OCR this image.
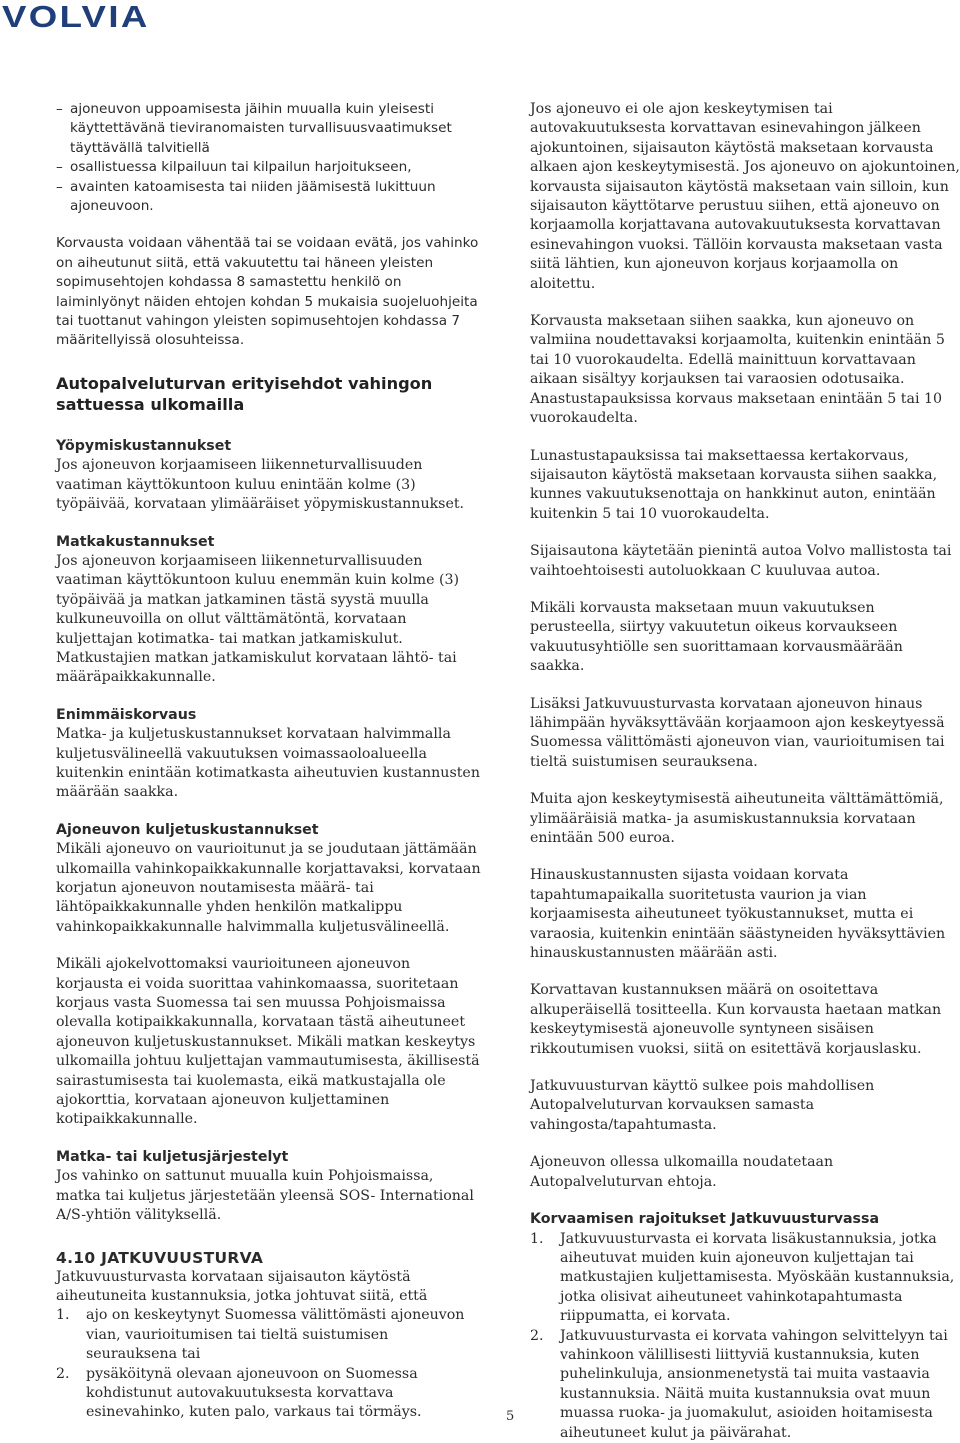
VOLVIA
– ajoneuvon uppoamisesta jäihin muualla kuin yleisesti käyttettävänä tieviranomaisten turvallisuusvaatimukset täyttävällä talvitiellä
– osallistuessa kilpailuun tai kilpailun harjoitukseen,
– avainten katoamisesta tai niiden jäämisestä lukittuun ajoneuvoon.

Korvausta voidaan vähentää tai se voidaan evätä, jos vahinko on aiheutunut siitä, että vakuutettu tai häneen yleisten sopimusehtojen kohdassa 8 samastettu henkilö on laiminlyönyt näiden ehtojen kohdan 5 mukaisia suojeluohjeita tai tuottanut vahingon yleisten sopimusehtojen kohdassa 7 määritellyissä olosuhteissa.

Autopalveluturvan erityisehdot vahingon sattuessa ulkomailla
Yöpymiskustannukset

Jos ajoneuvon korjaamiseen liikenneturvallisuuden vaatiman käyttökuntoon kuluu enintään kolme (3) työpäivää, korvataan ylimääräiset yöpymiskustannukset.

Matkakustannukset

Jos ajoneuvon korjaamiseen liikenneturvallisuuden vaatiman käyttökuntoon kuluu enemmän kuin kolme (3) työpäivää ja matkan jatkaminen tästä syystä muulla kulkuneuvoilla on ollut välttämätöntä, korvataan kuljettajan kotimatka- tai matkan jatkamiskulut. Matkustajien matkan jatkamiskulut korvataan lähtö- tai määräpaikkakunnalle.

Enimmäiskorvaus

Matka- ja kuljetuskustannukset korvataan halvimmalla kuljetusvälineellä vakuutuksen voimassaoloalueella kuitenkin enintään kotimatkasta aiheutuvien kustannusten määrään saakka.

Ajoneuvon kuljetuskustannukset

Mikäli ajoneuvo on vaurioitunut ja se joudutaan jättämään ulkomailla vahinkopaikkakunnalle korjattavaksi, korvataan korjatun ajoneuvon noutamisesta määrä- tai lähtöpaikkakunnalle yhden henkilön matkalippu vahinkopaikkakunnalle halvimmalla kuljetusvälineellä.

Mikäli ajokelvottomaksi vaurioituneen ajoneuvon korjausta ei voida suorittaa vahinkomaassa, suoritetaan korjaus vasta Suomessa tai sen muussa Pohjoismaissa olevalla kotipaikkakunnalla, korvataan tästä aiheutuneet ajoneuvon kuljetuskustannukset. Mikäli matkan keskeytys ulkomailla johtuu kuljettajan vammautumisesta, äkillisestä sairastumisesta tai kuolemasta, eikä matkustajalla ole ajokorttia, korvataan ajoneuvon kuljettaminen kotipaikkakunnalle.

Matka- tai kuljetusjärjestelyt

Jos vahinko on sattunut muualla kuin Pohjoismaissa, matka tai kuljetus järjestetään yleensä SOS- International A/S-yhtiön välityksellä.

4.10 JATKUVUUSTURVA

Jatkuvuusturvasta korvataan sijaisauton käytöstä aiheutuneita kustannuksia, jotka johtuvat siitä, että

1. ajo on keskeytynyt Suomessa välittömästi ajoneuvon vian, vaurioitumisen tai tieltä suistumisen seurauksena tai
2. pysäköitynä olevaan ajoneuvoon on Suomessa kohdistunut autovakuutuksesta korvattava esinevahinko, kuten palo, varkaus tai törmäys.

Jos ajoneuvo ei ole ajon keskeytymisen tai autovakuutuksesta korvattavan esinevahingon jälkeen ajokuntoinen, sijaisauton käytöstä maksetaan korvausta alkaen ajon keskeytymisestä. Jos ajoneuvo on ajokuntoinen, korvausta sijaisauton käytöstä maksetaan vain silloin, kun sijaisauton käyttötarve perustuu siihen, että ajoneuvo on korjaamolla korjattavana autovakuutuksesta korvattavan esinevahingon vuoksi. Tällöin korvausta maksetaan vasta siitä lähtien, kun ajoneuvon korjaus korjaamolla on aloitettu.

Korvausta maksetaan siihen saakka, kun ajoneuvo on valmiina noudettavaksi korjaamolta, kuitenkin enintään 5 tai 10 vuorokaudelta. Edellä mainittuun korvattavaan aikaan sisältyy korjauksen tai varaosien odotusaika. Anastustapauksissa korvaus maksetaan enintään 5 tai 10 vuorokaudelta.

Lunastustapauksissa tai maksettaessa kertakorvaus, sijaisauton käytöstä maksetaan korvausta siihen saakka, kunnes vakuutuksenottaja on hankkinut auton, enintään kuitenkin 5 tai 10 vuorokaudelta.

Sijaisautona käytetään pienintä autoa Volvo mallistosta tai vaihtoehtoisesti autoluokkaan C kuuluvaa autoa.

Mikäli korvausta maksetaan muun vakuutuksen perusteella, siirtyy vakuutetun oikeus korvaukseen vakuutusyhtiölle sen suorittamaan korvausmäärään saakka.

Lisäksi Jatkuvuusturvasta korvataan ajoneuvon hinaus lähimpään hyväksyttävään korjaamoon ajon keskeytyessä Suomessa välittömästi ajoneuvon vian, vaurioitumisen tai tieltä suistumisen seurauksena.

Muita ajon keskeytymisestä aiheutuneita välttämättömiä, ylimääräisiä matka- ja asumiskustannuksia korvataan enintään 500 euroa.

Hinauskustannusten sijasta voidaan korvata tapahtumapaikalla suoritetusta vaurion ja vian korjaamisesta aiheutuneet työkustannukset, mutta ei varaosia, kuitenkin enintään säästyneiden hyväksyttävien hinauskustannusten määrään asti.

Korvattavan kustannuksen määrä on osoitettava alkuperäisellä tositteella. Kun korvausta haetaan matkan keskeytymisestä ajoneuvolle syntyneen sisäisen rikkoutumisen vuoksi, siitä on esitettävä korjauslasku.

Jatkuvuusturvan käyttö sulkee pois mahdollisen Autopalveluturvan korvauksen samasta vahingosta/tapahtumasta.

Ajoneuvon ollessa ulkomailla noudatetaan Autopalveluturvan ehtoja.

Korvaamisen rajoitukset Jatkuvuusturvassa
1. Jatkuvuusturvasta ei korvata lisäkustannuksia, jotka aiheutuvat muiden kuin ajoneuvon kuljettajan tai matkustajien kuljettamisesta. Myöskään kustannuksia, jotka olisivat aiheutuneet vahinkotapahtumasta riippumatta, ei korvata.
2. Jatkuvuusturvasta ei korvata vahingon selvittelyyn tai vahinkoon välillisesti liittyviä kustannuksia, kuten puhelinkuluja, ansionmenetystä tai muita vastaavia kustannuksia. Näitä muita kustannuksia ovat muun muassa ruoka- ja juomakulut, asioiden hoitamisesta aiheutuneet kulut ja päivärahat.
5
